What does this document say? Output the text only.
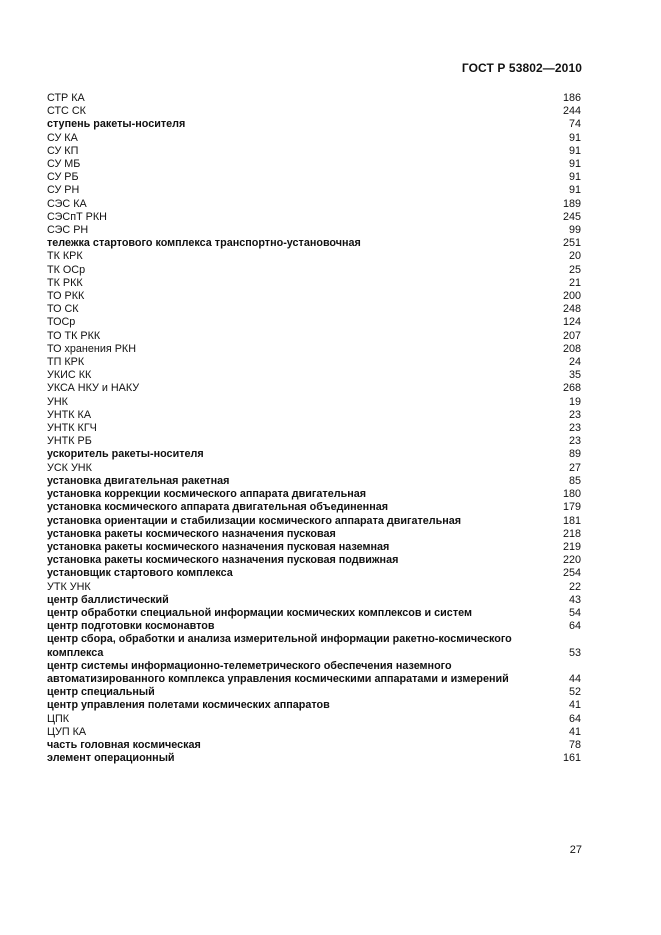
ГОСТ Р 53802—2010
СТР КА	186
СТС СК	244
ступень ракеты-носителя	74
СУ КА	91
СУ КП	91
СУ МБ	91
СУ РБ	91
СУ РН	91
СЭС КА	189
СЭСпТ РКН	245
СЭС РН	99
тележка стартового комплекса транспортно-установочная	251
ТК КРК	20
ТК ОСр	25
ТК РКК	21
ТО РКК	200
ТО СК	248
ТОСр	124
ТО ТК РКК	207
ТО хранения РКН	208
ТП КРК	24
УКИС КК	35
УКСА НКУ и НАКУ	268
УНК	19
УНТК КА	23
УНТК КГЧ	23
УНТК РБ	23
ускоритель ракеты-носителя	89
УСК УНК	27
установка двигательная ракетная	85
установка коррекции космического аппарата двигательная	180
установка космического аппарата двигательная объединенная	179
установка ориентации и стабилизации космического аппарата двигательная	181
установка ракеты космического назначения пусковая	218
установка ракеты космического назначения пусковая наземная	219
установка ракеты космического назначения пусковая подвижная	220
установщик стартового комплекса	254
УТК УНК	22
центр баллистический	43
центр обработки специальной информации космических комплексов и систем	54
центр подготовки космонавтов	64
центр сбора, обработки и анализа измерительной информации ракетно-космического комплекса	53
центр системы информационно-телеметрического обеспечения наземного автоматизированного комплекса управления космическими аппаратами и измерений	44
центр специальный	52
центр управления полетами космических аппаратов	41
ЦПК	64
ЦУП КА	41
часть головная космическая	78
элемент операционный	161
27
